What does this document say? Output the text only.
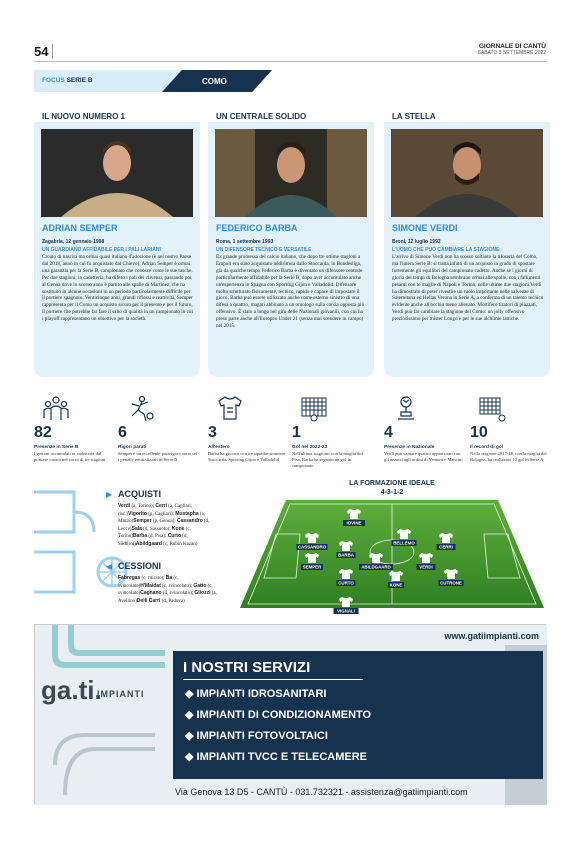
54	GIORNALE DI CANTÙ
SABATO 3 SETTEMBRE 2022
FOCUS SERIE B	COMO
IL NUOVO NUMERO 1	UN CENTRALE SOLIDO	LA STELLA
ADRIAN SEMPER
Zagabria, 12 gennaio 1998
UN GUARDIANO AFFIDABILE PER I PALI LARIANI
Croato di nascita ma ormai quasi italiano d'adozione (è nel nostro Paese dal 2018, anno in cui fu acquistato dal Chievo), Adrian Semper è ormai una garanzia per la Serie B, campionato che conosce come le sue tasche. Per due stagioni, in cadetteria, ha difeso i pali dei clivensi, passando poi al Genoa dove lo scorso anno è partito alle spalle di Martinez, che ha sostituito in alcune occasioni in un periodo particolarmente difficile per il portiere spagnolo. Venticinque anni, grandi riflessi e reattività, Semper rappresenta per il Como un acquisto sicuro per il presente e per il futuro, il portiere che potrebbe far fare il salto di qualità in un campionato in cui i playoff rappresentano un obiettivo per la società.
FEDERICO BARBA
Roma, 1 settembre 1993
UN DIFENSORE TECNICO E VERSATILE
Ex grande promessa del calcio italiano, che dopo tre ottime stagioni a Empoli era stato acquistato addirittura dallo Stoccarda, in Bundesliga, già da qualche tempo Federico Barba è diventato un difensore centrale particolarmente affidabile per la Serie B, dopo aver accumulato anche un'esperienza in Spagna con Sporting Gijon e Valladolid. Difensore molto strutturato fisicamente, tecnico, rapido e capace di impostare il gioco, Barba può essere utilizzato anche come esterno sinistro di una difesa a quattro, magari abbinato a un omologo sulla corsia opposta più offensivo. È stato a lungo nel giro delle Nazionali giovanili, con cui ha preso parte anche all'Europeo Under 21 (senza mai scendere in campo) nel 2015.
SIMONE VERDI
Broni, 12 luglio 1992
L'UOMO CHE PUÒ CAMBIARE LA STAGIONE
L'arrivo di Simone Verdi non ha scosso soltanto la tifoseria del Como, ma l'intera Serie B: si tratta infatti di un acquisto in grado di spostare fortemente gli equilibri del campionato cadetto. Anche se i giorni di gloria dei tempi di Bologna sembrano ormai alle spalle, con i fallimenti pesanti con le maglie di Napoli e Torino, nelle ultime due stagioni Verdi ha dimostrato di poter rivestire un ruolo importante nelle salvezze di Salernitana ed Hellas Verona in Serie A, a conferma di un talento tecnico evidente anche all'occhio meno allenato. Mortifero tiratori di piazzati, Verdi può far cambiare la stagione del Como: un jolly offensivo preziosissimo per mister Longo e per le sue alchimie tattiche.
82
Presenze in Serie B
I gettoni accumulati in cadetteria dal portiere croato nel corso di tre stagioni
6
Rigori parati
Semper è un eccellente pararigori: sono sei i penalty neutralizzati in Serie B
3
All'estero
Barba ha giocato con tre squadre straniere: Stoccarda, Sporting Gijon e Valladolid
1
Gol nel 2022-23
Nell'ultima stagione, con la maglia del Pisa, Barba ha segnato un gol in campionato
4
Presenze in Nazionale
Verdi può vantare quattro apparizioni con gli azzurri agli ordini di Ventura e Mancini
10
Il record di gol
Nella stagione 2017-18, con la maglia del Bologna, ha realizzato 10 gol in Serie A
▶ ACQUISTI
Verdi (a, Torino); Cerri (a, Cagliari, risc.)Vigorito (p, Cagliari); Mustapha (a, Mazzo)Semper (p, Genoa); Cassandro (d, Lecce)Sala (d, Sassuolo); Kone (c, Torino)Barba (d, Pisa); Curto (d, Südtirol)Abildgaard (c, Rubin Kazan)
◀ CESSIONI
Fabregas (c, ritirato); Ba (c, svincolato)H'Maidat (c, svincolato); Gatto (c, svincolato)Cagnano (d, svincolato); Gliozzi (a, Avellino)Delli Carri (d, Padova)
LA FORMAZIONE IDEALE
4-3-1-2
IOVINE
CASSANDRO
BELLEMO
CERRI
BARBA
SEMPER	ABILDGAARD	VERDI
CURTO	KONE	CUTRONE
VIGNALI
ga.ti.
IMPIANTI
www.gatiimpianti.com
I NOSTRI SERVIZI
◆ IMPIANTI IDROSANITARI
◆ IMPIANTI DI CONDIZIONAMENTO
◆ IMPIANTI FOTOVOLTAICI
◆ IMPIANTI TVCC E TELECAMERE
Via Genova 13 D5 - CANTÙ - 031.732321 - assistenza@gatiimpianti.com
